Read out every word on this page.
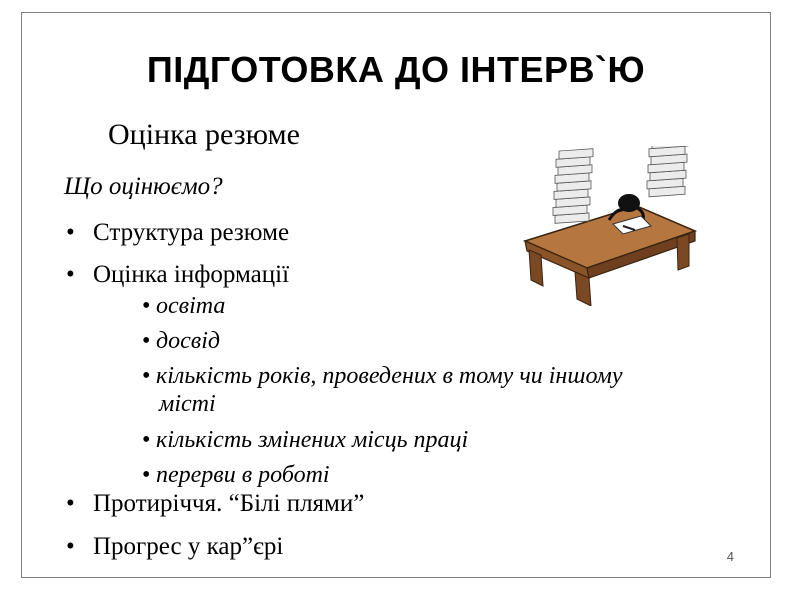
ПІДГОТОВКА ДО ІНТЕРВ`Ю
Оцінка резюме
Що оцінюємо?
• Структура резюме
• Оцінка інформації
• освіта
• досвід
• кількість років, проведених в тому чи іншому
місті
• кількість змінених місць праці
• перерви в роботі
• Протиріччя. “Білі плями”
• Прогрес у кар”єрі	4
